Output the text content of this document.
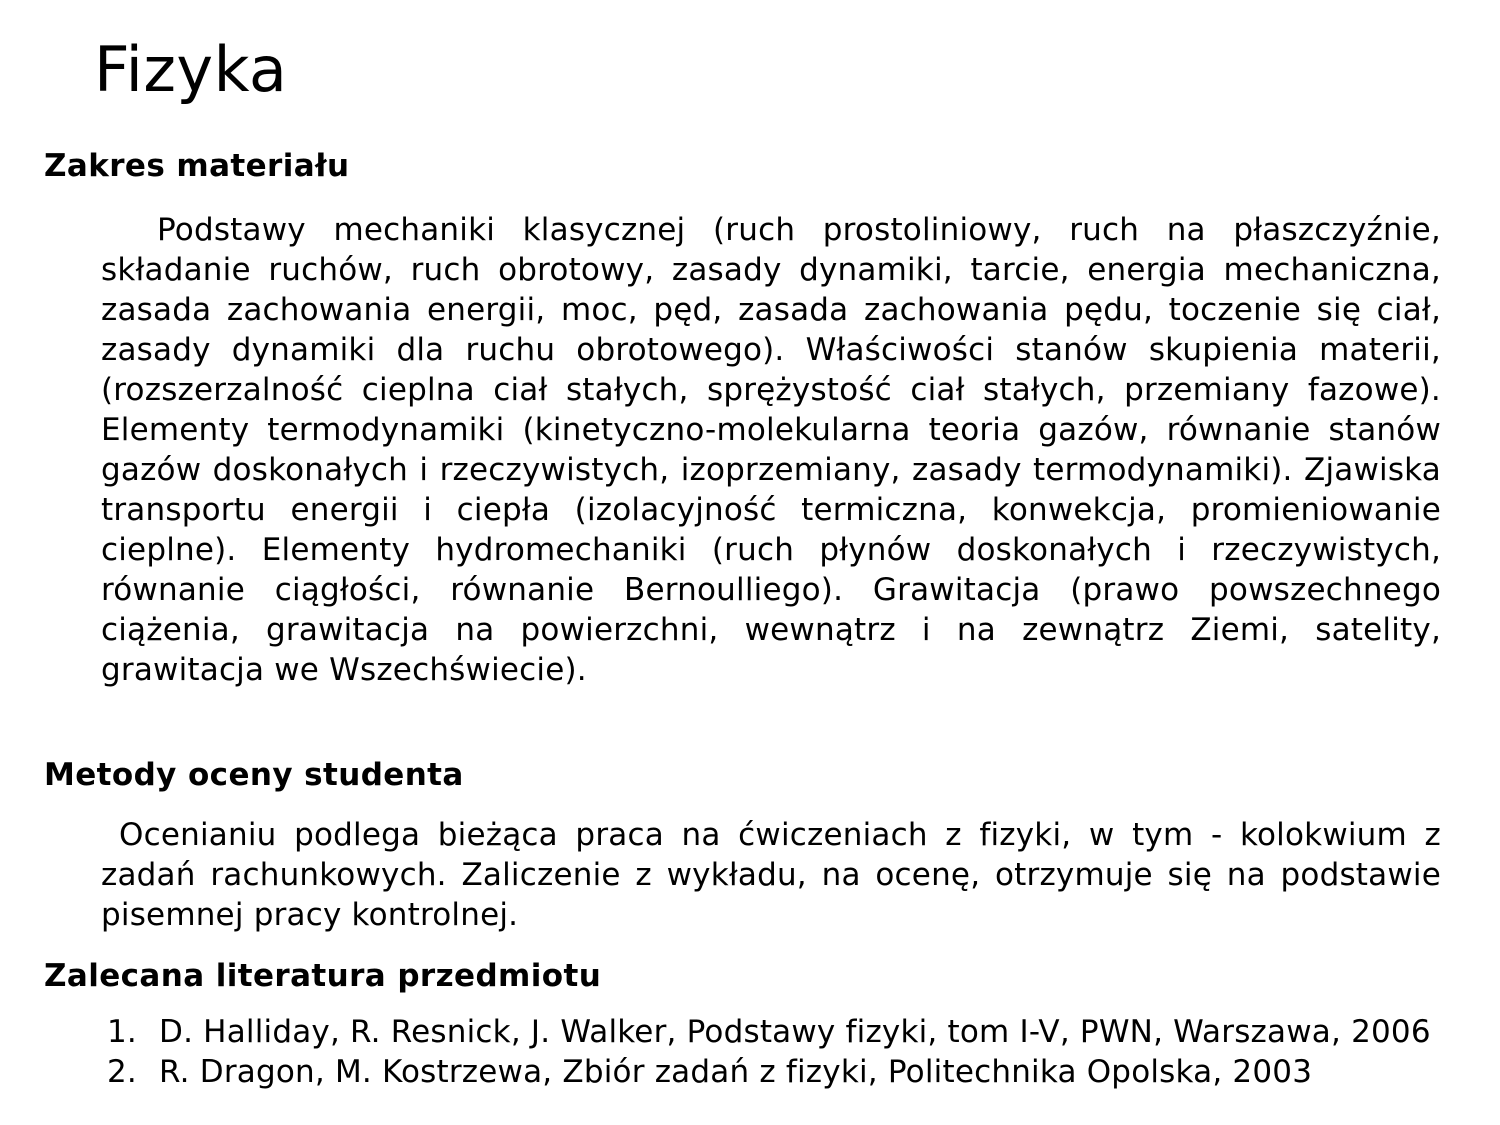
Fizyka
Zakres materiału

Podstawy mechaniki klasycznej (ruch prostoliniowy, ruch na płaszczyźnie, składanie ruchów, ruch obrotowy, zasady dynamiki, tarcie, energia mechaniczna, zasada zachowania energii, moc, pęd, zasada zachowania pędu, toczenie się ciał, zasady dynamiki dla ruchu obrotowego). Właściwości stanów skupienia materii, (rozszerzalność cieplna ciał stałych, sprężystość ciał stałych, przemiany fazowe). Elementy termodynamiki (kinetyczno-molekularna teoria gazów, równanie stanów gazów doskonałych i rzeczywistych, izoprzemiany, zasady termodynamiki). Zjawiska transportu energii i ciepła (izolacyjność termiczna, konwekcja, promieniowanie cieplne). Elementy hydromechaniki (ruch płynów doskonałych i rzeczywistych, równanie ciągłości, równanie Bernoulliego). Grawitacja (prawo powszechnego ciążenia, grawitacja na powierzchni, wewnątrz i na zewnątrz Ziemi, satelity, grawitacja we Wszechświecie).

Metody oceny studenta

Ocenianiu podlega bieżąca praca na ćwiczeniach z fizyki, w tym - kolokwium z zadań rachunkowych. Zaliczenie z wykładu, na ocenę, otrzymuje się na podstawie pisemnej pracy kontrolnej.

Zalecana literatura przedmiotu
1. D. Halliday, R. Resnick, J. Walker, Podstawy fizyki, tom I-V, PWN, Warszawa, 2006
2. R. Dragon, M. Kostrzewa, Zbiór zadań z fizyki, Politechnika Opolska, 2003
